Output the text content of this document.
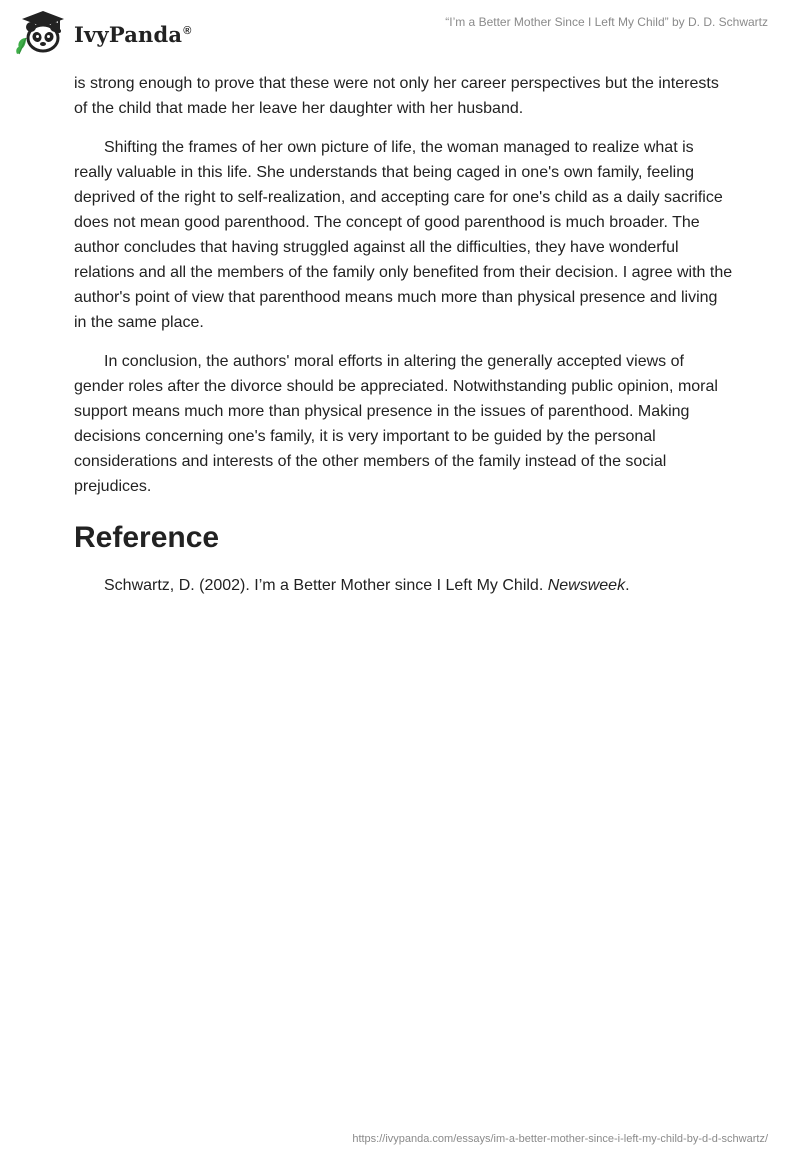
IvyPanda®
“I’m a Better Mother Since I Left My Child” by D. D. Schwartz

is strong enough to prove that these were not only her career perspectives but the interests of the child that made her leave her daughter with her husband.

Shifting the frames of her own picture of life, the woman managed to realize what is really valuable in this life. She understands that being caged in one's own family, feeling deprived of the right to self-realization, and accepting care for one's child as a daily sacrifice does not mean good parenthood. The concept of good parenthood is much broader. The author concludes that having struggled against all the difficulties, they have wonderful relations and all the members of the family only benefited from their decision. I agree with the author's point of view that parenthood means much more than physical presence and living in the same place.

In conclusion, the authors' moral efforts in altering the generally accepted views of gender roles after the divorce should be appreciated. Notwithstanding public opinion, moral support means much more than physical presence in the issues of parenthood. Making decisions concerning one's family, it is very important to be guided by the personal considerations and interests of the other members of the family instead of the social prejudices.

Reference

Schwartz, D. (2002). I’m a Better Mother since I Left My Child. Newsweek.

https://ivypanda.com/essays/im-a-better-mother-since-i-left-my-child-by-d-d-schwartz/
